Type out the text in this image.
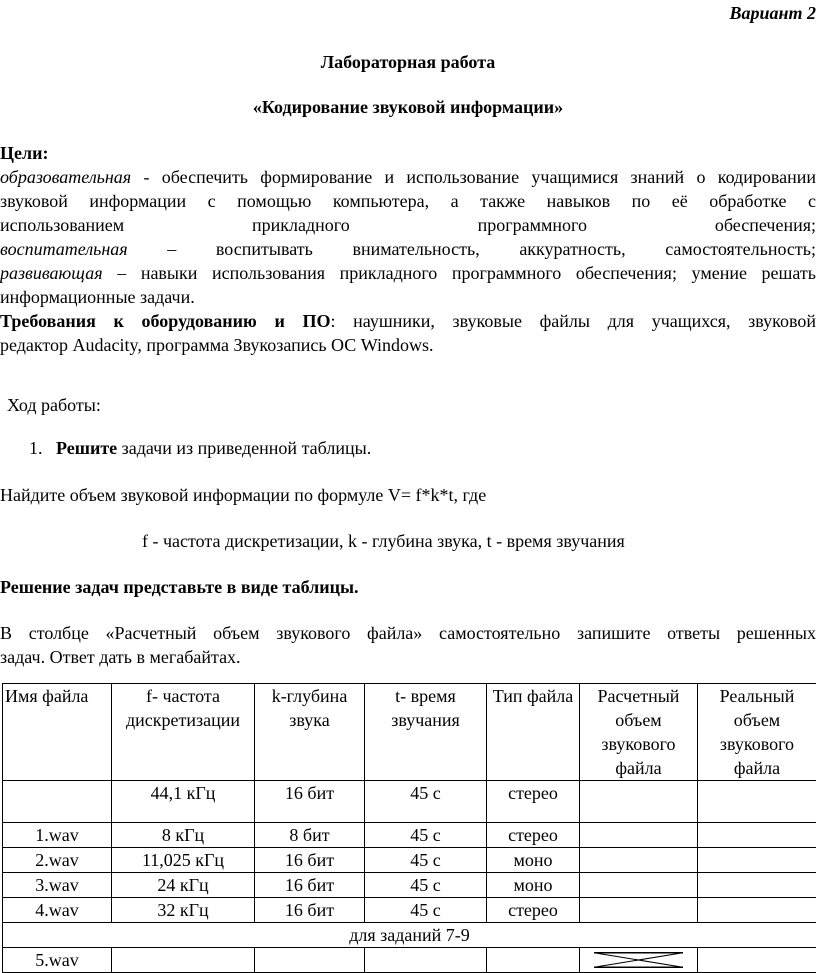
Вариант 2

Лабораторная работа

«Кодирование звуковой информации»

Цели:

образовательная - обеспечить формирование и использование учащимися знаний о кодировании
звуковой информации с помощью компьютера, а также навыков по её обработке с
использованием прикладного программного обеспечения;
воспитательная – воспитывать внимательность, аккуратность, самостоятельность;
развивающая – навыки использования прикладного программного обеспечения; умение решать
информационные задачи.
Требования к оборудованию и ПО: наушники, звуковые файлы для учащихся, звуковой
редактор Audacity, программа Звукозапись ОС Windows.

Ход работы:

1. Решите задачи из приведенной таблицы.

Найдите объем звуковой информации по формуле V= f*k*t, где

f - частота дискретизации, k - глубина звука, t - время звучания

Решение задач представьте в виде таблицы.

В столбце «Расчетный объем звукового файла» самостоятельно запишите ответы решенных
задач. Ответ дать в мегабайтах.
Имя файла	f- частота дискретизации	k-глубина звука	t- время звучания	Тип файла	Расчетный объем звукового файла	Реальный объем звукового файла
	44,1 кГц	16 бит	45 с	стерео		
1.wav	8 кГц	8 бит	45 с	стерео		
2.wav	11,025 кГц	16 бит	45 с	моно		
3.wav	24 кГц	16 бит	45 с	моно		
4.wav	32 кГц	16 бит	45 с	стерео		
для заданий 7-9						
5.wav					
